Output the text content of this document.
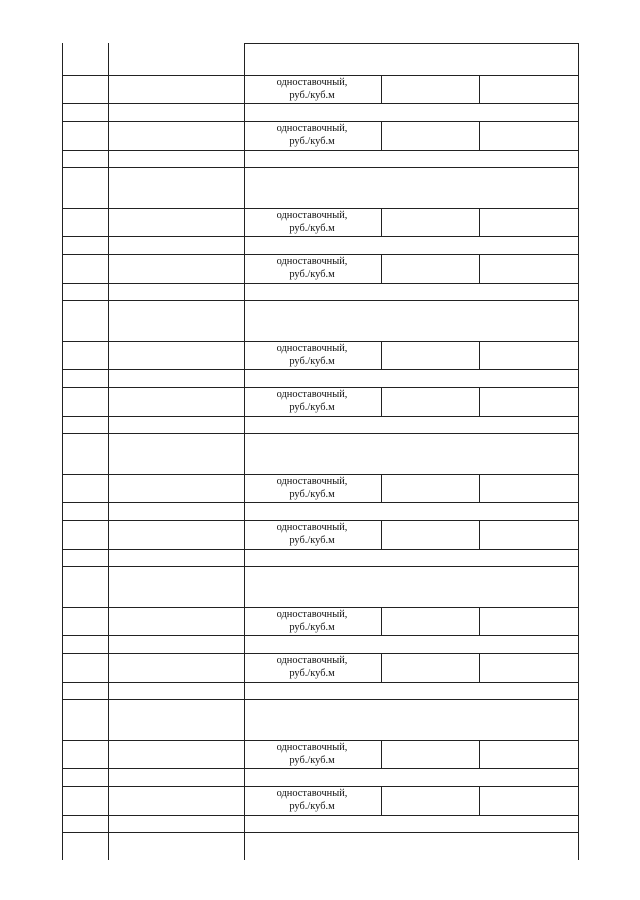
одноставочный,
руб./куб.м
одноставочный,
руб./куб.м
одноставочный,
руб./куб.м
одноставочный,
руб./куб.м
одноставочный,
руб./куб.м
одноставочный,
руб./куб.м
одноставочный,
руб./куб.м
одноставочный,
руб./куб.м
одноставочный,
руб./куб.м
одноставочный,
руб./куб.м
одноставочный,
руб./куб.м
одноставочный,
руб./куб.м
